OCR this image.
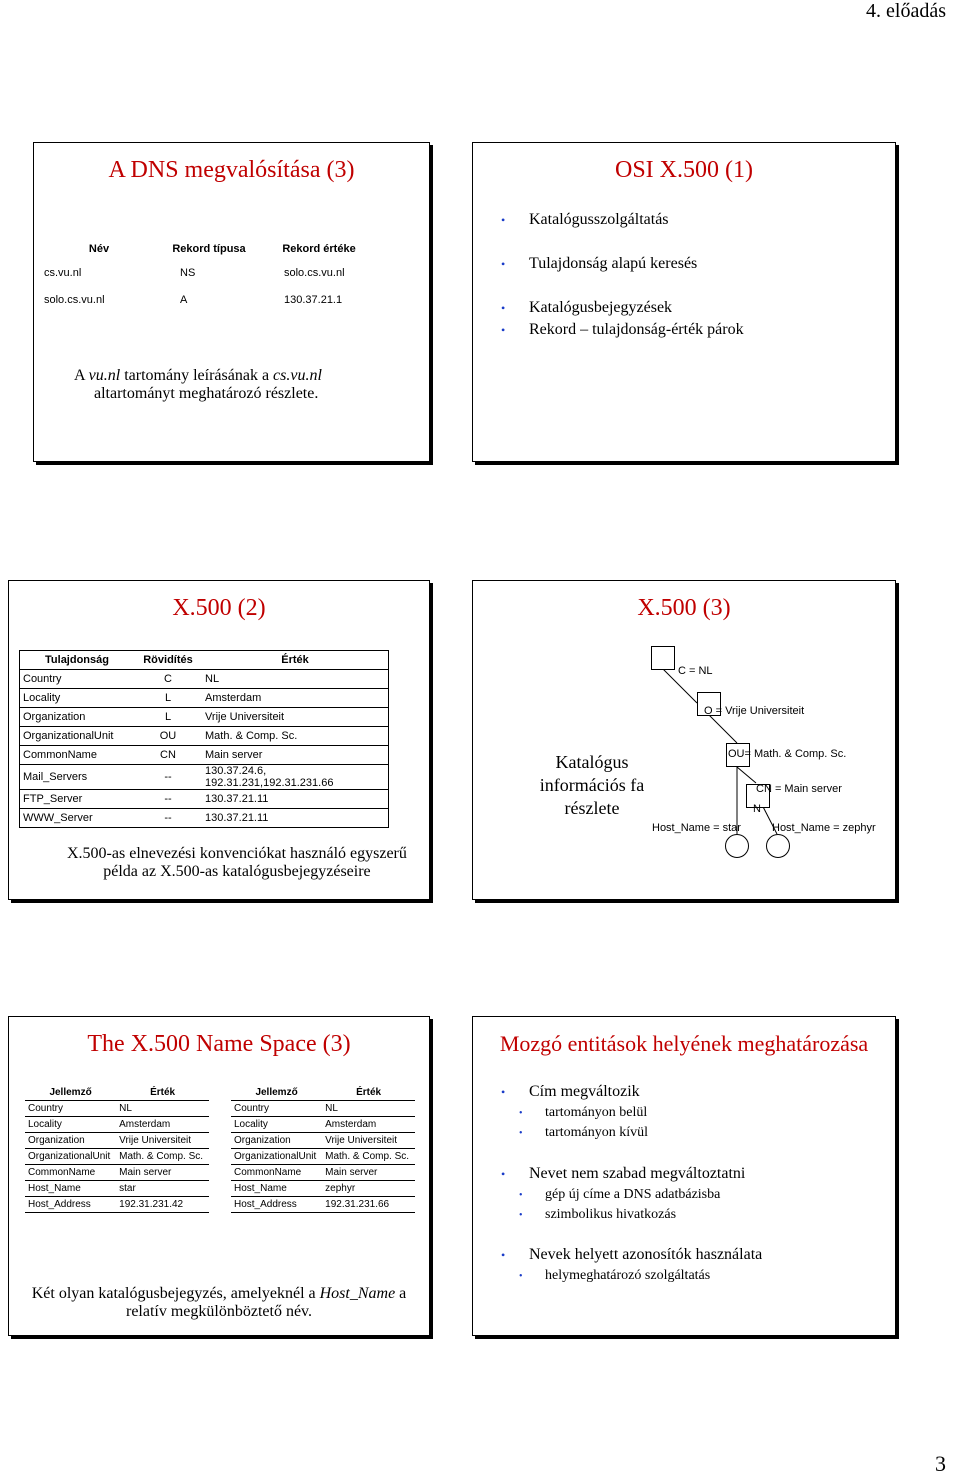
4. előadás
A DNS megvalósítása (3)
Név	Rekord típusa	Rekord értéke
cs.vu.nl	NS	solo.cs.vu.nl
solo.cs.vu.nl	A	130.37.21.1
A vu.nl tartomány leírásának a cs.vu.nl
altartományt meghatározó részlete.
OSI X.500 (1)
• Katalógusszolgáltatás
• Tulajdonság alapú keresés
• Katalógusbejegyzések
• Rekord – tulajdonság-érték párok
X.500 (2)
Tulajdonság	Rövidítés	Érték
Country	C	NL
Locality	L	Amsterdam
Organization	L	Vrije Universiteit
OrganizationalUnit	OU	Math. & Comp. Sc.
CommonName	CN	Main server
Mail_Servers	--	130.37.24.6, 192.31.231,192.31.231.66
FTP_Server	--	130.37.21.11
WWW_Server	--	130.37.21.11
X.500-as elnevezési konvenciókat használó egyszerű
példa az X.500-as katalógusbejegyzéseire
X.500 (3)
Katalógus
információs fa
részlete
C = NL
O = Vrije Universiteit
OU= Math. & Comp. Sc.
CN = Main server
N
Host_Name = star	Host_Name = zephyr
The X.500 Name Space (3)
Jellemző	Érték
Country	NL
Locality	Amsterdam
Organization	Vrije Universiteit
OrganizationalUnit	Math. & Comp. Sc.
CommonName	Main server
Host_Name	star
Host_Address	192.31.231.42
Jellemző	Érték
Country	NL
Locality	Amsterdam
Organization	Vrije Universiteit
OrganizationalUnit	Math. & Comp. Sc.
CommonName	Main server
Host_Name	zephyr
Host_Address	192.31.231.66
Két olyan katalógusbejegyzés, amelyeknél a Host_Name a
relatív megkülönböztető név.
Mozgó entitások helyének meghatározása
• Cím megváltozik
• tartományon belül
• tartományon kívül
• Nevet nem szabad megváltoztatni
• gép új címe a DNS adatbázisba
• szimbolikus hivatkozás
• Nevek helyett azonosítók használata
• helymeghatározó szolgáltatás
3
